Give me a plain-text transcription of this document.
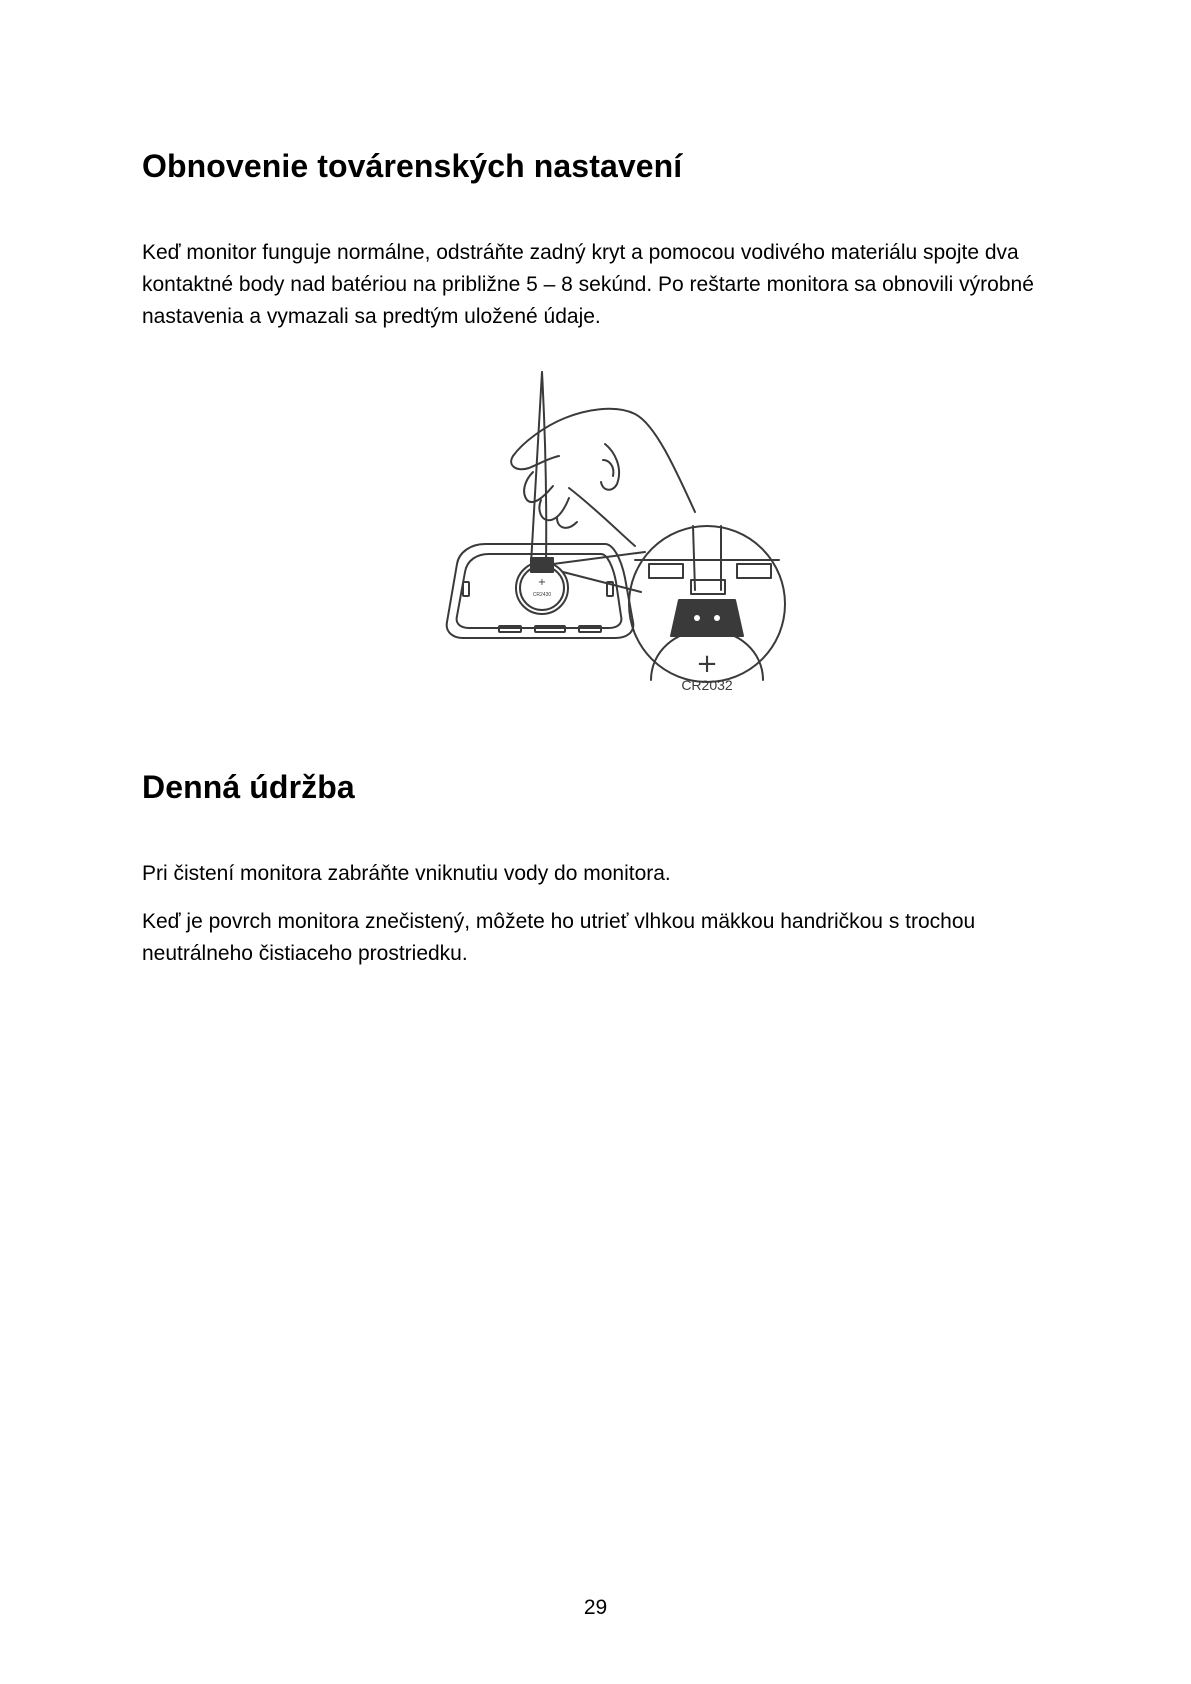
Obnovenie továrenských nastavení

Keď monitor funguje normálne, odstráňte zadný kryt a pomocou vodivého materiálu spojte dva kontaktné body nad batériou na približne 5 – 8 sekúnd. Po reštarte monitora sa obnovili výrobné nastavenia a vymazali sa predtým uložené údaje.

+
CR2032
+
CR2430
Denná údržba

Pri čistení monitora zabráňte vniknutiu vody do monitora.

Keď je povrch monitora znečistený, môžete ho utrieť vlhkou mäkkou handričkou s trochou neutrálneho čistiaceho prostriedku.

29
